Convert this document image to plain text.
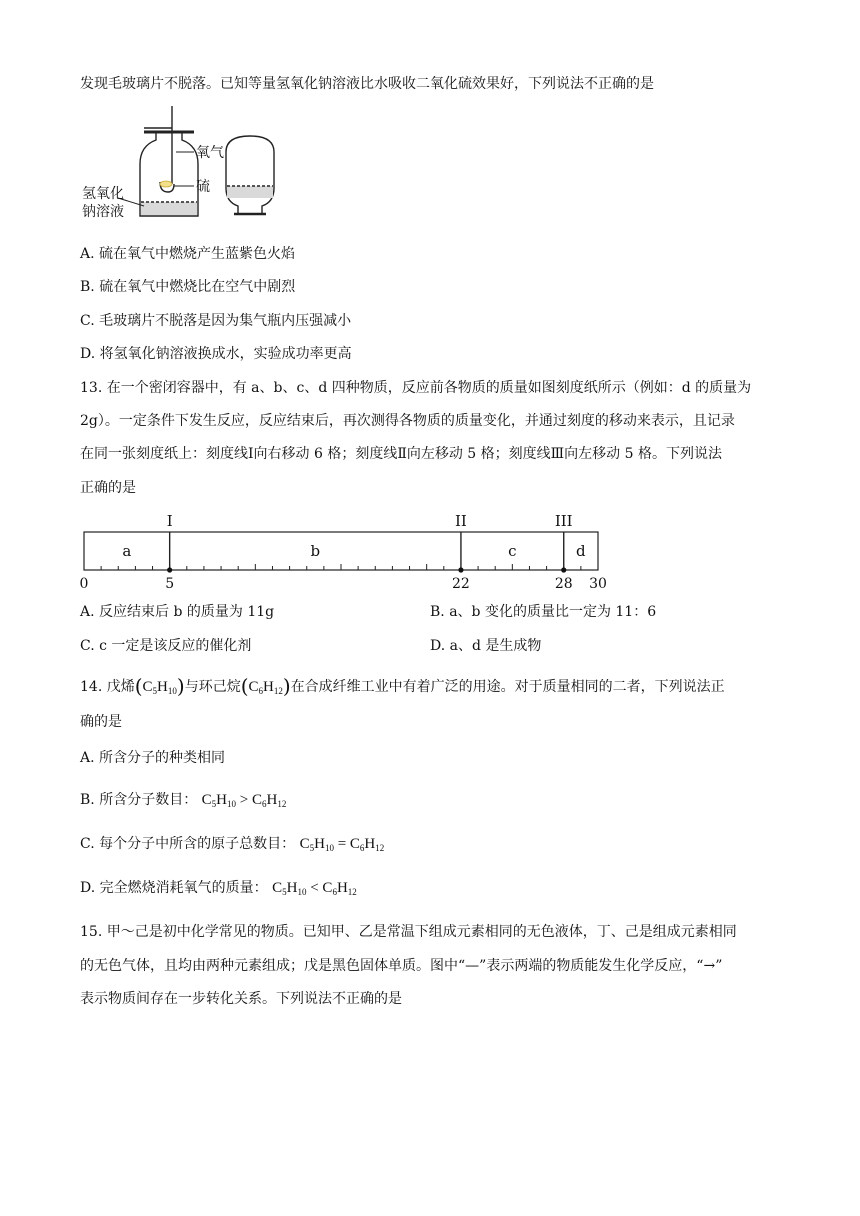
发现毛玻璃片不脱落。已知等量氢氧化钠溶液比水吸收二氧化硫效果好，下列说法不正确的是
氧气
硫
氢氧化
钠溶液
A. 硫在氧气中燃烧产生蓝紫色火焰
B. 硫在氧气中燃烧比在空气中剧烈
C. 毛玻璃片不脱落是因为集气瓶内压强减小
D. 将氢氧化钠溶液换成水，实验成功率更高
13. 在一个密闭容器中，有 a、b、c、d 四种物质，反应前各物质的质量如图刻度纸所示（例如：d 的质量为
2g）。一定条件下发生反应，反应结束后，再次测得各物质的质量变化，并通过刻度的移动来表示，且记录
在同一张刻度纸上：刻度线Ⅰ向右移动 6 格；刻度线Ⅱ向左移动 5 格；刻度线Ⅲ向左移动 5 格。下列说法
正确的是
I	II	III
a	b	c	d
0	5	22	28 30
A. 反应结束后 b 的质量为 11g	B. a、b 变化的质量比一定为 11：6
C. c 一定是该反应的催化剂	D. a、d 是生成物
14. 戊烯$(C_5H_{10})$与环己烷$(C_6H_{12})$在合成纤维工业中有着广泛的用途。对于质量相同的二者，下列说法正
确的是
A. 所含分子的种类相同
B. 所含分子数目： $C_5H_{10} > C_6H_{12}$
C. 每个分子中所含的原子总数目： $C_5H_{10} = C_6H_{12}$
D. 完全燃烧消耗氧气的质量： $C_5H_{10} < C_6H_{12}$
15. 甲～己是初中化学常见的物质。已知甲、乙是常温下组成元素相同的无色液体，丁、己是组成元素相同
的无色气体，且均由两种元素组成；戊是黑色固体单质。图中“—”表示两端的物质能发生化学反应，“→”
表示物质间存在一步转化关系。下列说法不正确的是
